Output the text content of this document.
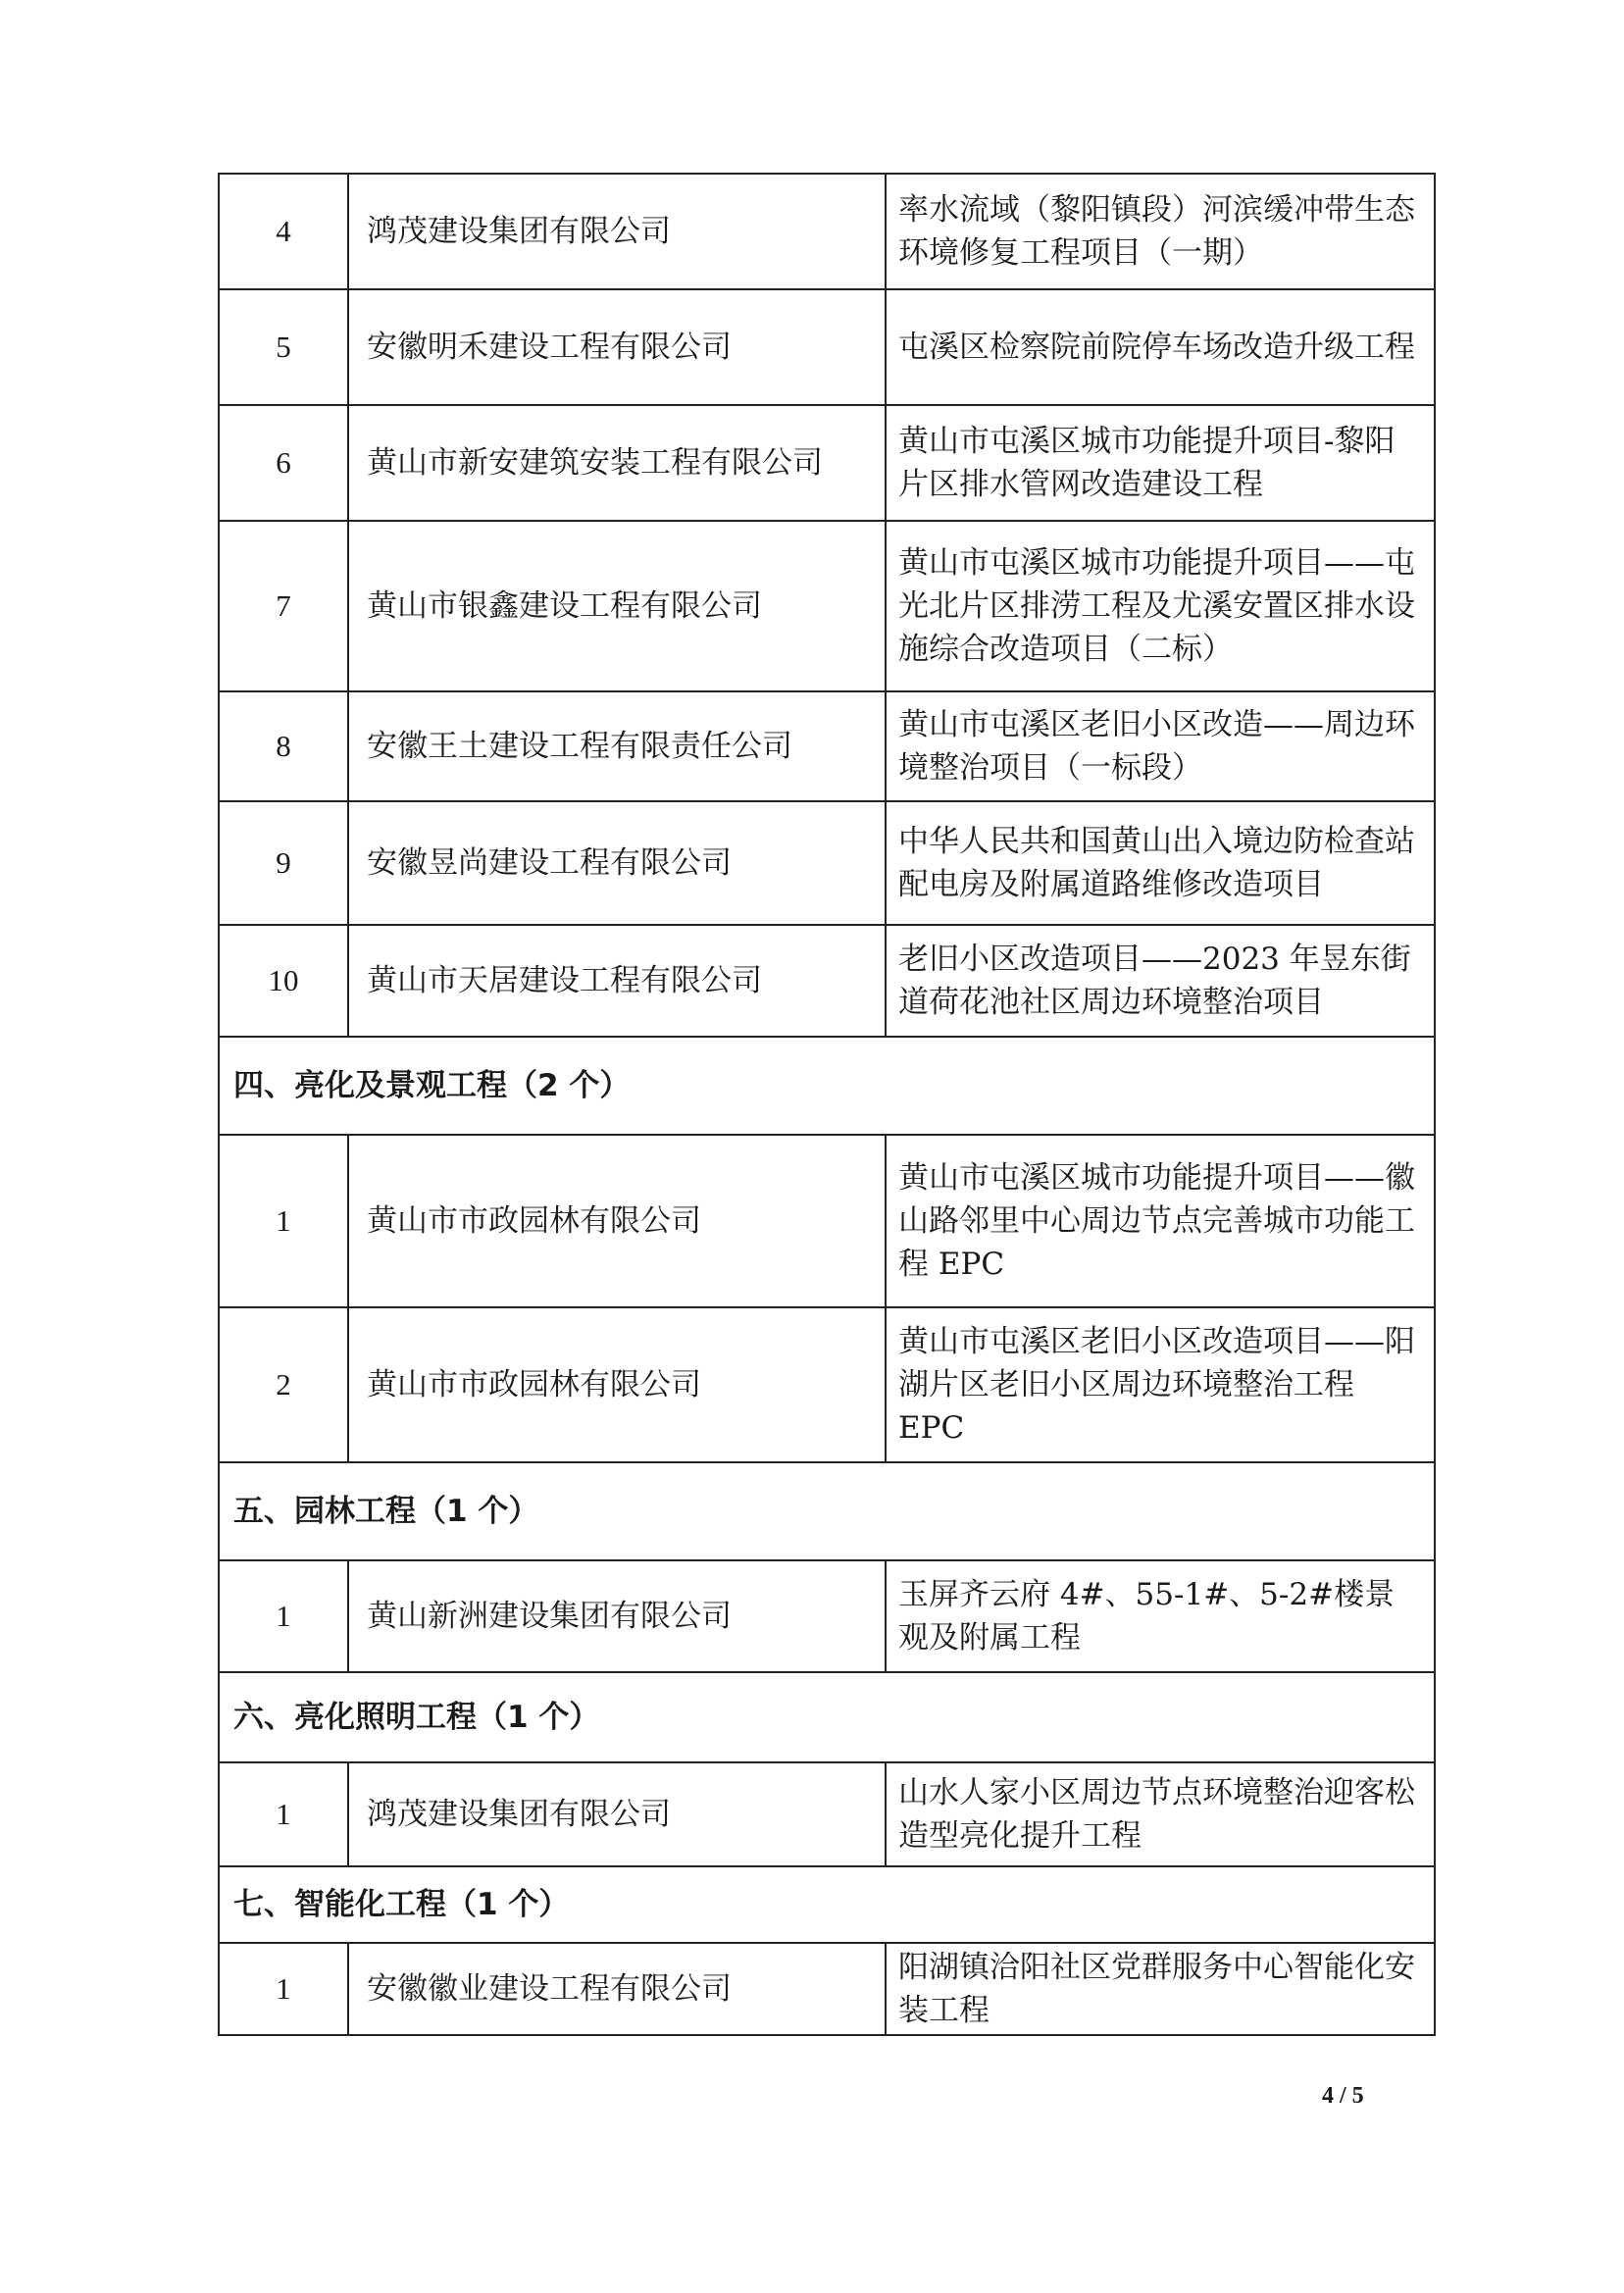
4	鸿茂建设集团有限公司	率水流域（黎阳镇段）河滨缓冲带生态环境修复工程项目（一期）
5	安徽明禾建设工程有限公司	屯溪区检察院前院停车场改造升级工程
6	黄山市新安建筑安装工程有限公司	黄山市屯溪区城市功能提升项目-黎阳片区排水管网改造建设工程
7	黄山市银鑫建设工程有限公司	黄山市屯溪区城市功能提升项目——屯光北片区排涝工程及尤溪安置区排水设施综合改造项目（二标）
8	安徽王土建设工程有限责任公司	黄山市屯溪区老旧小区改造——周边环境整治项目（一标段）
9	安徽昱尚建设工程有限公司	中华人民共和国黄山出入境边防检查站配电房及附属道路维修改造项目
10	黄山市天居建设工程有限公司	老旧小区改造项目——2023 年昱东街道荷花池社区周边环境整治项目
四、亮化及景观工程（2 个）		
1	黄山市市政园林有限公司	黄山市屯溪区城市功能提升项目——徽山路邻里中心周边节点完善城市功能工程 EPC
2	黄山市市政园林有限公司	黄山市屯溪区老旧小区改造项目——阳湖片区老旧小区周边环境整治工程 EPC
五、园林工程（1 个）		
1	黄山新洲建设集团有限公司	玉屏齐云府 4#、55-1#、5-2#楼景观及附属工程
六、亮化照明工程（1 个）		
1	鸿茂建设集团有限公司	山水人家小区周边节点环境整治迎客松造型亮化提升工程
七、智能化工程（1 个）		
1	安徽徽业建设工程有限公司	阳湖镇洽阳社区党群服务中心智能化安装工程
4 / 5
